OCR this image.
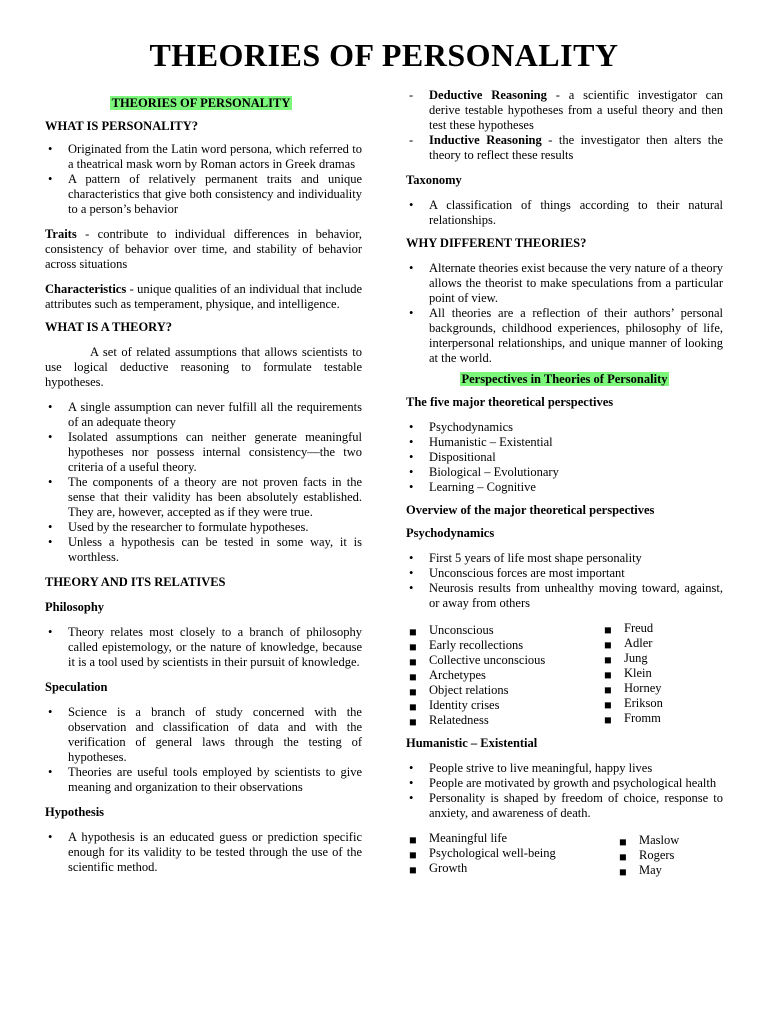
THEORIES OF PERSONALITY
THEORIES OF PERSONALITY
WHAT IS PERSONALITY?
• Originated from the Latin word persona, which referred to a theatrical mask worn by Roman actors in Greek dramas
• A pattern of relatively permanent traits and unique characteristics that give both consistency and individuality to a person’s behavior

Traits - contribute to individual differences in behavior, consistency of behavior over time, and stability of behavior across situations

Characteristics - unique qualities of an individual that include attributes such as temperament, physique, and intelligence.

WHAT IS A THEORY?

A set of related assumptions that allows scientists to use logical deductive reasoning to formulate testable hypotheses.

• A single assumption can never fulfill all the requirements of an adequate theory
• Isolated assumptions can neither generate meaningful hypotheses nor possess internal consistency—the two criteria of a useful theory.
• The components of a theory are not proven facts in the sense that their validity has been absolutely established. They are, however, accepted as if they were true.
• Used by the researcher to formulate hypotheses.
• Unless a hypothesis can be tested in some way, it is worthless.
THEORY AND ITS RELATIVES
Philosophy
• Theory relates most closely to a branch of philosophy called epistemology, or the nature of knowledge, because it is a tool used by scientists in their pursuit of knowledge.
Speculation
• Science is a branch of study concerned with the observation and classification of data and with the verification of general laws through the testing of hypotheses.
• Theories are useful tools employed by scientists to give meaning and organization to their observations
Hypothesis
• A hypothesis is an educated guess or prediction specific enough for its validity to be tested through the use of the scientific method.
- Deductive Reasoning - a scientific investigator can derive testable hypotheses from a useful theory and then test these hypotheses
- Inductive Reasoning - the investigator then alters the theory to reflect these results
Taxonomy
• A classification of things according to their natural relationships.
WHY DIFFERENT THEORIES?
• Alternate theories exist because the very nature of a theory allows the theorist to make speculations from a particular point of view.
• All theories are a reflection of their authors’ personal backgrounds, childhood experiences, philosophy of life, interpersonal relationships, and unique manner of looking at the world.
Perspectives in Theories of Personality
The five major theoretical perspectives
• Psychodynamics
• Humanistic – Existential
• Dispositional
• Biological – Evolutionary
• Learning – Cognitive
Overview of the major theoretical perspectives
Psychodynamics
• First 5 years of life most shape personality
• Unconscious forces are most important
• Neurosis results from unhealthy moving toward, against, or away from others
■ Unconscious
■ Early recollections
■ Collective unconscious
■ Archetypes
■ Object relations
■ Identity crises
■ Relatedness
■ Freud
■ Adler
■ Jung
■ Klein
■ Horney
■ Erikson
■ Fromm
Humanistic – Existential
• People strive to live meaningful, happy lives
• People are motivated by growth and psychological health
• Personality is shaped by freedom of choice, response to anxiety, and awareness of death.
■ Meaningful life
■ Psychological well-being
■ Growth
■ Maslow
■ Rogers
■ May
